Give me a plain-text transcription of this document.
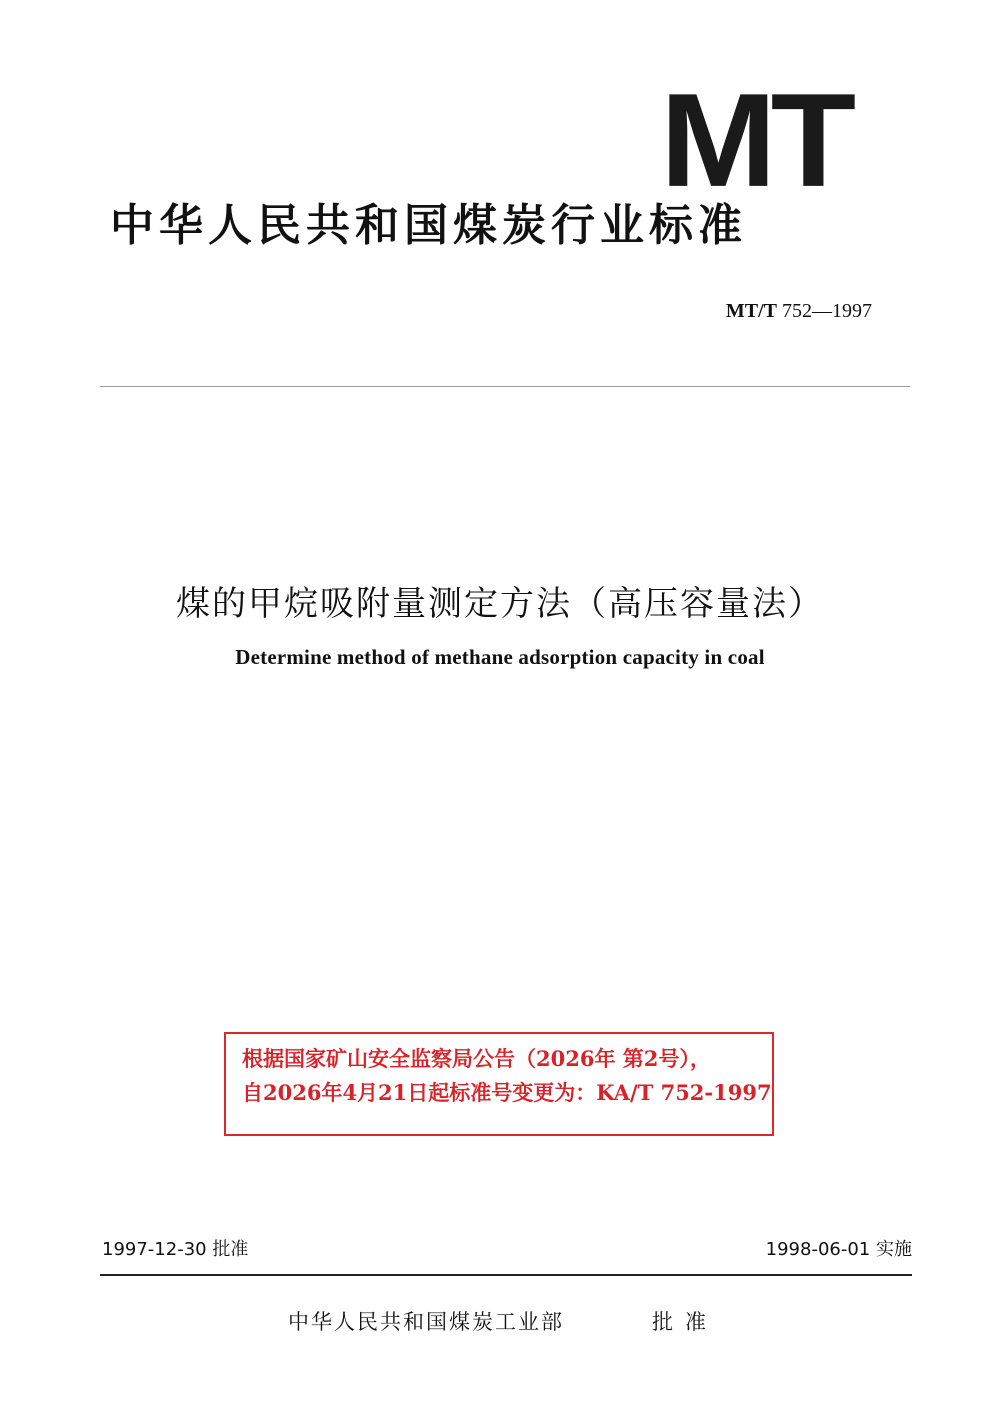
MT
中华人民共和国煤炭行业标准
MT/T 752—1997
煤的甲烷吸附量测定方法（高压容量法）
Determine method of methane adsorption capacity in coal
根据国家矿山安全监察局公告（2026年 第2号），
自2026年4月21日起标准号变更为：KA/T 752-1997
1997-12-30 批准	1998-06-01 实施
中华人民共和国煤炭工业部	批准
